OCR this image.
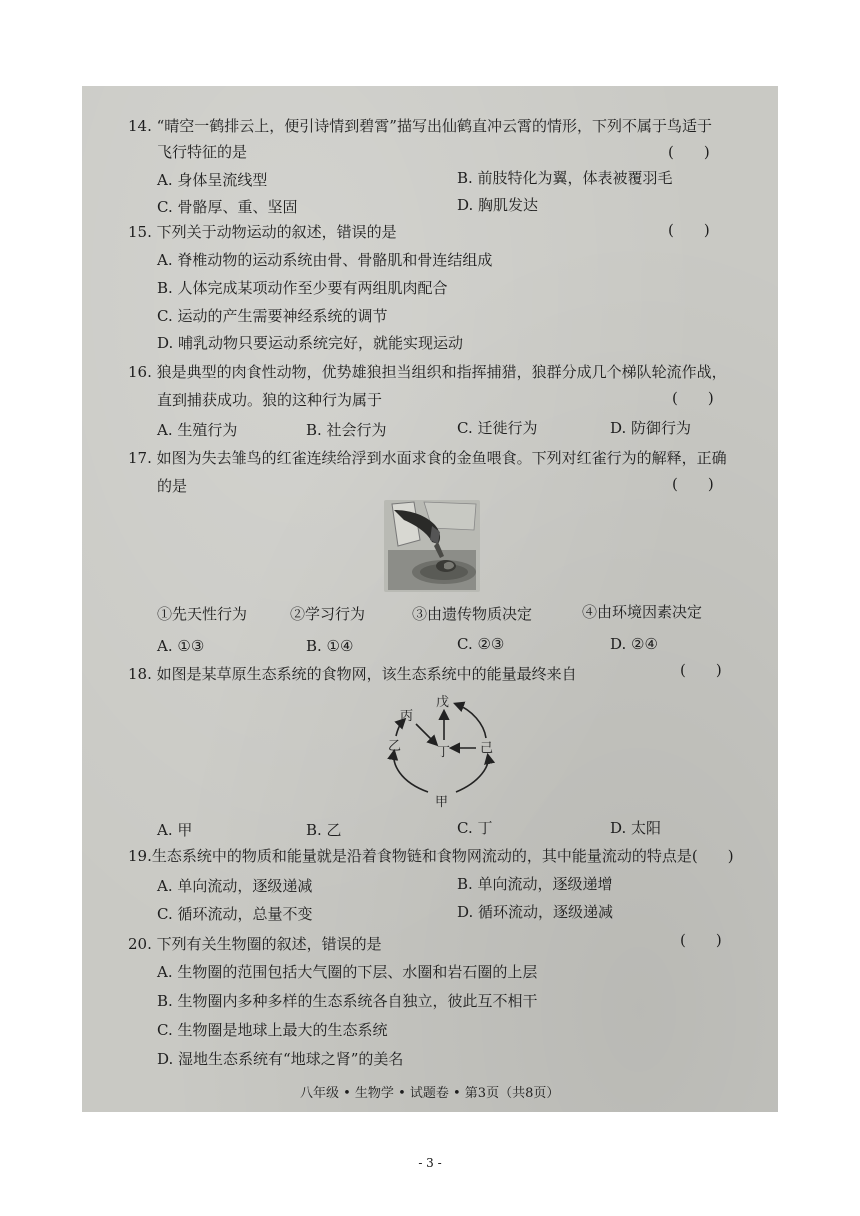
14. “晴空一鹤排云上，便引诗情到碧霄”描写出仙鹤直冲云霄的情形，下列不属于鸟适于
飞行特征的是	(　　)
A. 身体呈流线型	B. 前肢特化为翼，体表被覆羽毛
C. 骨骼厚、重、坚固	D. 胸肌发达
15. 下列关于动物运动的叙述，错误的是	(　　)
A. 脊椎动物的运动系统由骨、骨骼肌和骨连结组成
B. 人体完成某项动作至少要有两组肌肉配合
C. 运动的产生需要神经系统的调节
D. 哺乳动物只要运动系统完好，就能实现运动
16. 狼是典型的肉食性动物，优势雄狼担当组织和指挥捕猎，狼群分成几个梯队轮流作战，
直到捕获成功。狼的这种行为属于	(　　)
A. 生殖行为	B. 社会行为	C. 迁徙行为	D. 防御行为
17. 如图为失去雏鸟的红雀连续给浮到水面求食的金鱼喂食。下列对红雀行为的解释，正确
的是	(　　)
①先天性行为	②学习行为	③由遗传物质决定	④由环境因素决定
A. ①③	B. ①④	C. ②③	D. ②④
18. 如图是某草原生态系统的食物网，该生态系统中的能量最终来自	(　　)
甲
乙
丙
丁
戊
己
A. 甲	B. 乙	C. 丁	D. 太阳
19.生态系统中的物质和能量就是沿着食物链和食物网流动的，其中能量流动的特点是(　　)
A. 单向流动，逐级递减	B. 单向流动，逐级递增
C. 循环流动，总量不变	D. 循环流动，逐级递减
20. 下列有关生物圈的叙述，错误的是	(　　)
A. 生物圈的范围包括大气圈的下层、水圈和岩石圈的上层
B. 生物圈内多种多样的生态系统各自独立，彼此互不相干
C. 生物圈是地球上最大的生态系统
D. 湿地生态系统有“地球之肾”的美名
八年级 • 生物学 • 试题卷 • 第3页（共8页）
- 3 -
